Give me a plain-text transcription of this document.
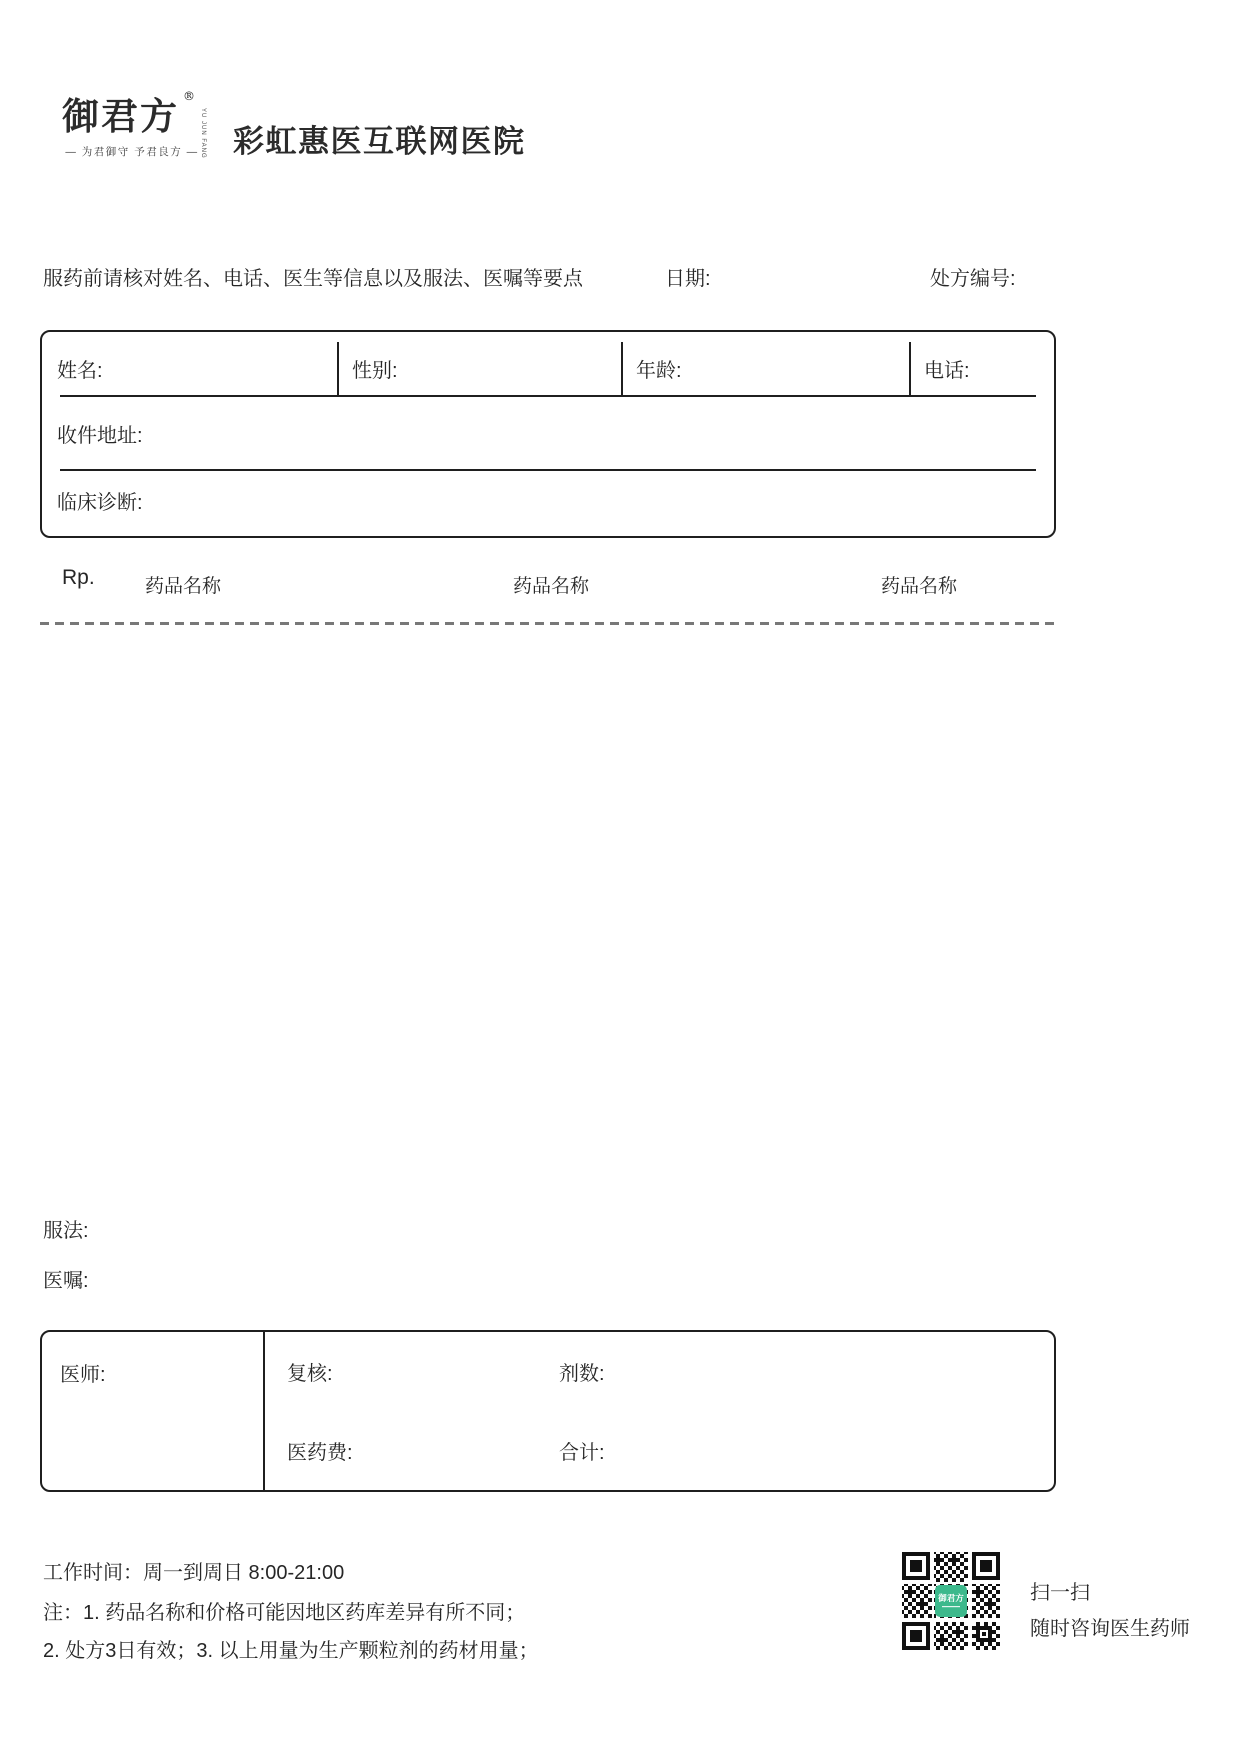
御君方 ®
YU JUN FANG
— 为君御守 予君良方 — 彩虹惠医互联网医院
服药前请核对姓名、电话、医生等信息以及服法、医嘱等要点	日期:	处方编号:
姓名:	性别:	年龄:	电话:
收件地址:
临床诊断:
Rp.	药品名称	药品名称	药品名称
服法:
医嘱:
医师:	复核:	剂数:
医药费:	合计:
工作时间：周一到周日 8:00-21:00
注：1. 药品名称和价格可能因地区药库差异有所不同；
2. 处方3日有效；3. 以上用量为生产颗粒剂的药材用量；
御君方	扫一扫
随时咨询医生药师
